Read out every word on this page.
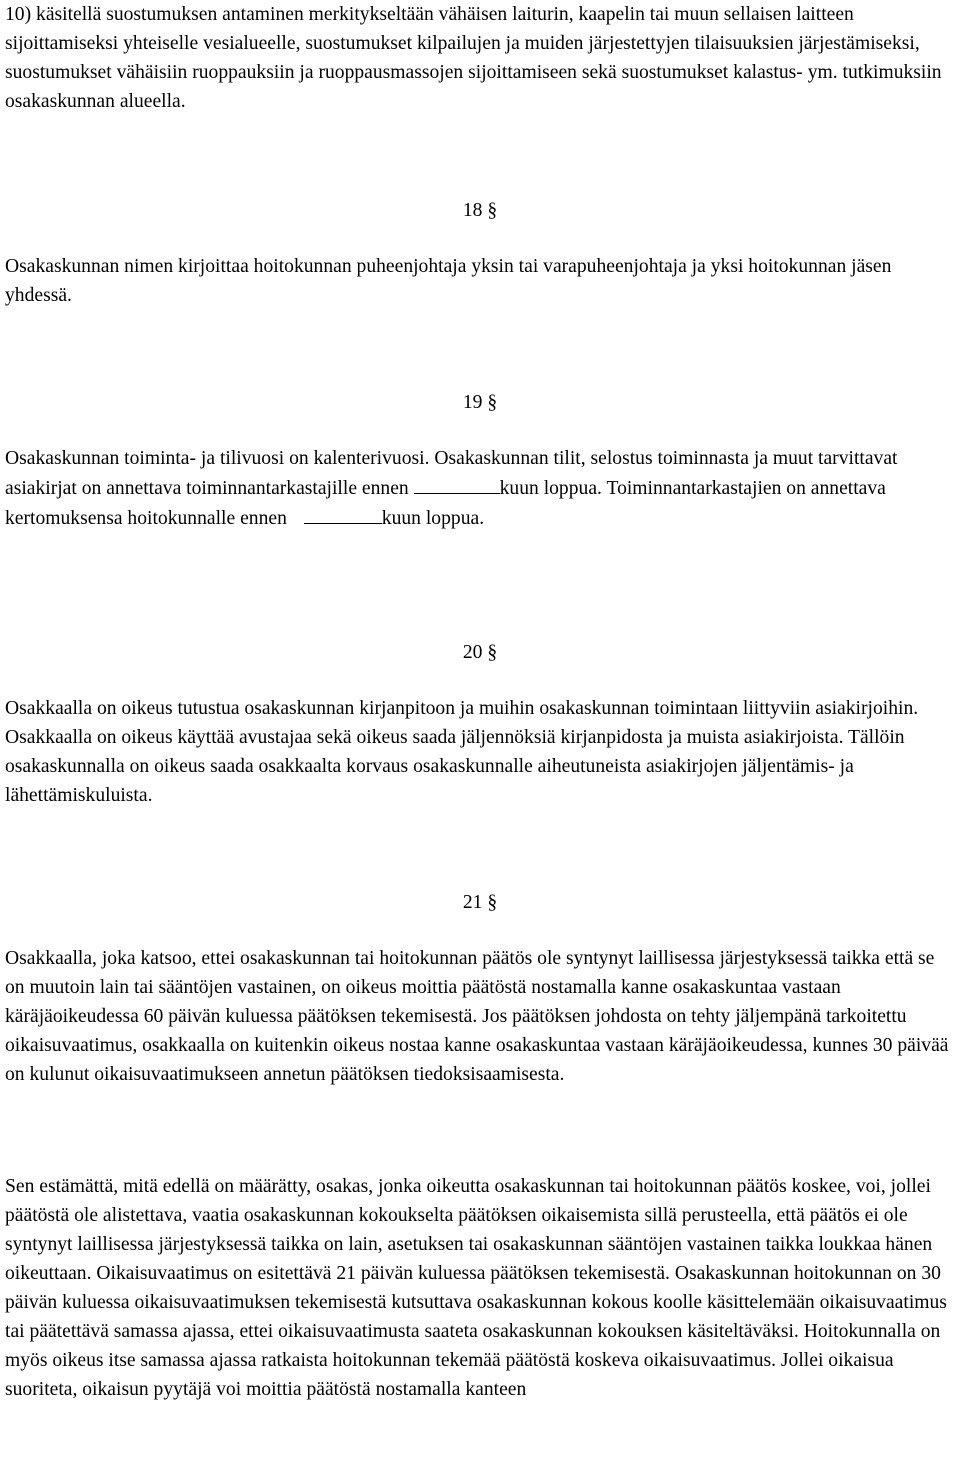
10) käsitellä suostumuksen antaminen merkitykseltään vähäisen laiturin, kaapelin tai muun sellaisen laitteen sijoittamiseksi yhteiselle vesialueelle, suostumukset kilpailujen ja muiden järjestettyjen tilaisuuksien järjestämiseksi, suostumukset vähäisiin ruoppauksiin ja ruoppausmassojen sijoittamiseen sekä suostumukset kalastus- ym. tutkimuksiin osakaskunnan alueella.

18 §

Osakaskunnan nimen kirjoittaa hoitokunnan puheenjohtaja yksin tai varapuheenjohtaja ja yksi hoitokunnan jäsen yhdessä.

19 §

Osakaskunnan toiminta- ja tilivuosi on kalenterivuosi. Osakaskunnan tilit, selostus toiminnasta ja muut tarvittavat asiakirjat on annettava toiminnantarkastajille ennen	kuun loppua. Toiminnantarkastajien on annettava kertomuksensa hoitokunnalle ennen	kuun loppua.

20 §

Osakkaalla on oikeus tutustua osakaskunnan kirjanpitoon ja muihin osakaskunnan toimintaan liittyviin asiakirjoihin. Osakkaalla on oikeus käyttää avustajaa sekä oikeus saada jäljennöksiä kirjanpidosta ja muista asiakirjoista. Tällöin osakaskunnalla on oikeus saada osakkaalta korvaus osakaskunnalle aiheutuneista asiakirjojen jäljentämis- ja lähettämiskuluista.

21 §

Osakkaalla, joka katsoo, ettei osakaskunnan tai hoitokunnan päätös ole syntynyt laillisessa järjestyksessä taikka että se on muutoin lain tai sääntöjen vastainen, on oikeus moittia päätöstä nostamalla kanne osakaskuntaa vastaan käräjäoikeudessa 60 päivän kuluessa päätöksen tekemisestä. Jos päätöksen johdosta on tehty jäljempänä tarkoitettu oikaisuvaatimus, osakkaalla on kuitenkin oikeus nostaa kanne osakaskuntaa vastaan käräjäoikeudessa, kunnes 30 päivää on kulunut oikaisuvaatimukseen annetun päätöksen tiedoksisaamisesta.

Sen estämättä, mitä edellä on määrätty, osakas, jonka oikeutta osakaskunnan tai hoitokunnan päätös koskee, voi, jollei päätöstä ole alistettava, vaatia osakaskunnan kokoukselta päätöksen oikaisemista sillä perusteella, että päätös ei ole syntynyt laillisessa järjestyksessä taikka on lain, asetuksen tai osakaskunnan sääntöjen vastainen taikka loukkaa hänen oikeuttaan. Oikaisuvaatimus on esitettävä 21 päivän kuluessa päätöksen tekemisestä. Osakaskunnan hoitokunnan on 30 päivän kuluessa oikaisuvaatimuksen tekemisestä kutsuttava osakaskunnan kokous koolle käsittelemään oikaisuvaatimus tai päätettävä samassa ajassa, ettei oikaisuvaatimusta saateta osakaskunnan kokouksen käsiteltäväksi. Hoitokunnalla on myös oikeus itse samassa ajassa ratkaista hoitokunnan tekemää päätöstä koskeva oikaisuvaatimus. Jollei oikaisua suoriteta, oikaisun pyytäjä voi moittia päätöstä nostamalla kanteen
